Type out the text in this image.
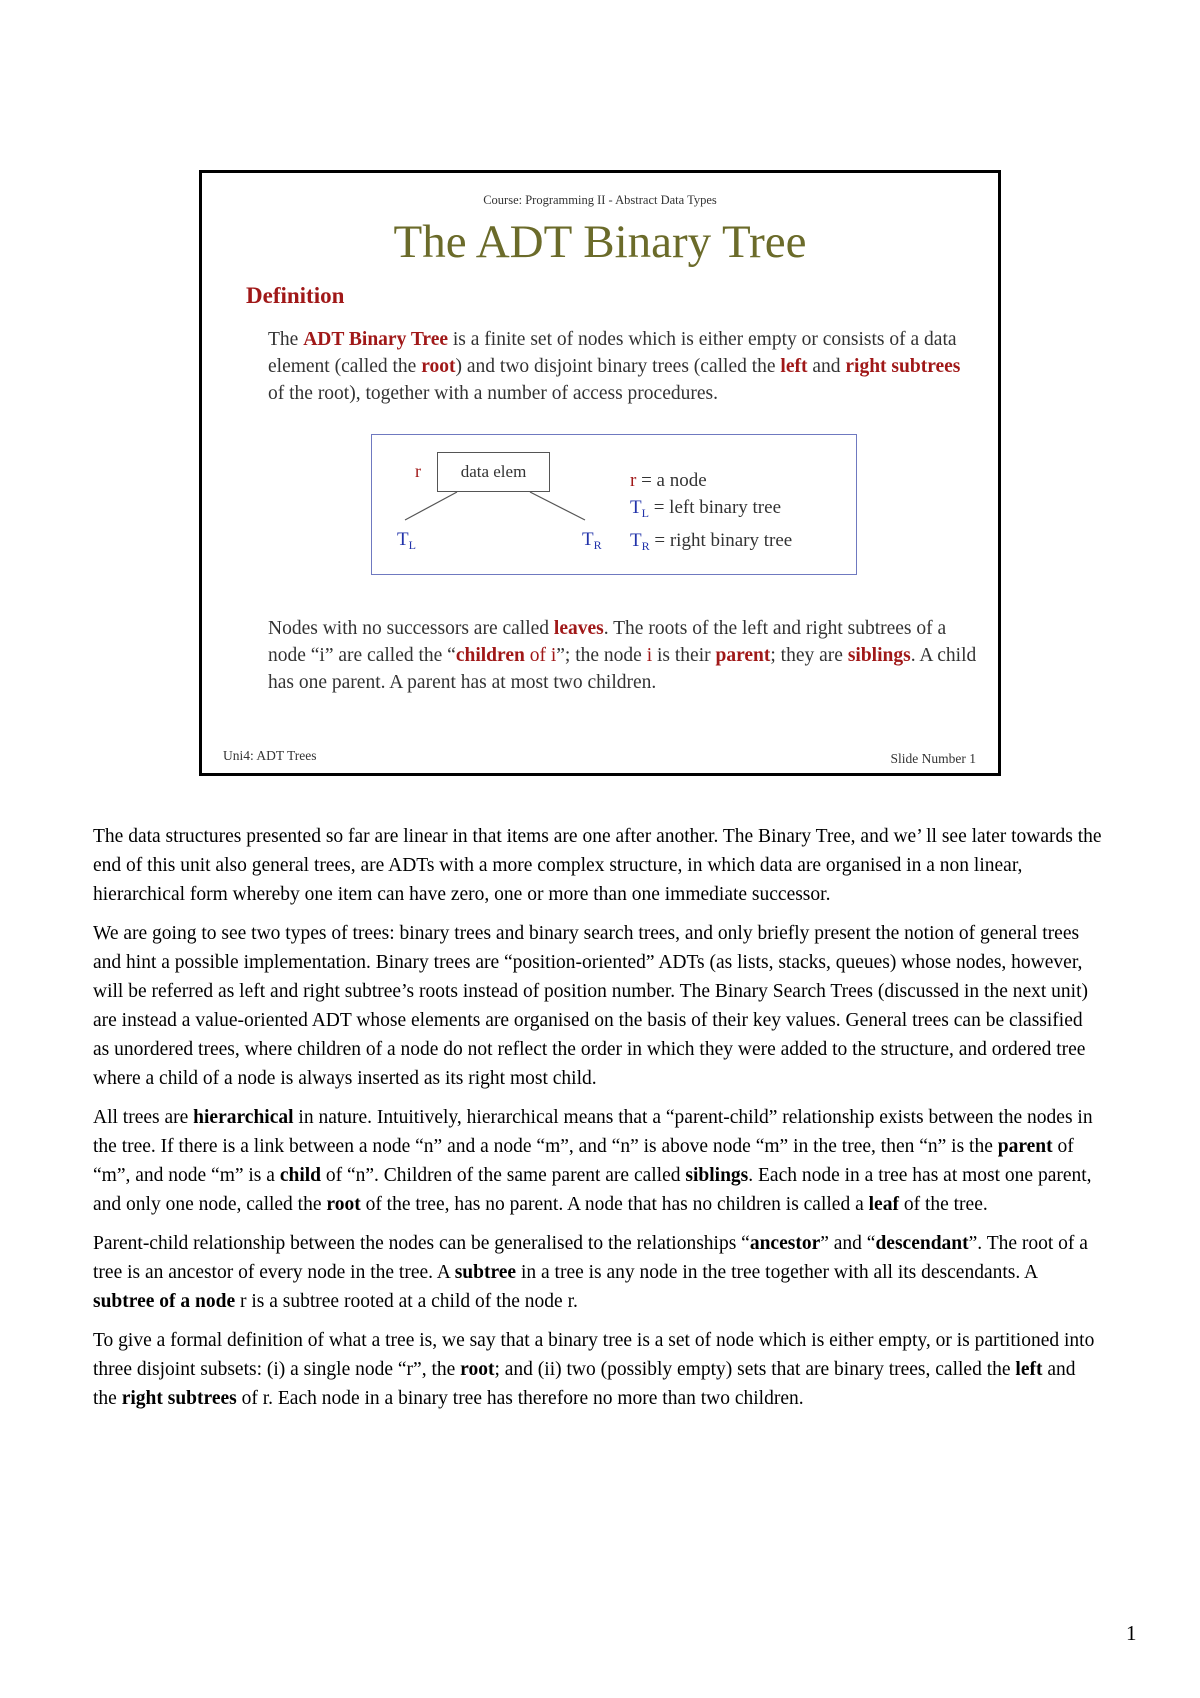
Course: Programming II - Abstract Data Types
The ADT Binary Tree
Definition
The ADT Binary Tree is a finite set of nodes which is either empty or consists of a data element (called the root) and two disjoint binary trees (called the left and right subtrees of the root), together with a number of access procedures.
r	data elem
$T_L$	$T_R$
r = a node
$T_L$ = left binary tree
$T_R$ = right binary tree
Nodes with no successors are called leaves. The roots of the left and right subtrees of a node “i” are called the “children of i”; the node i is their parent; they are siblings. A child has one parent. A parent has at most two children.
Uni4: ADT Trees	Slide Number 1

The data structures presented so far are linear in that items are one after another. The Binary Tree, and we’ ll see later towards the end of this unit also general trees, are ADTs with a more complex structure, in which data are organised in a non linear, hierarchical form whereby one item can have zero, one or more than one immediate successor.

We are going to see two types of trees: binary trees and binary search trees, and only briefly present the notion of general trees and hint a possible implementation. Binary trees are “position-oriented” ADTs (as lists, stacks, queues) whose nodes, however, will be referred as left and right subtree’s roots instead of position number. The Binary Search Trees (discussed in the next unit) are instead a value-oriented ADT whose elements are organised on the basis of their key values. General trees can be classified as unordered trees, where children of a node do not reflect the order in which they were added to the structure, and ordered tree where a child of a node is always inserted as its right most child.

All trees are hierarchical in nature. Intuitively, hierarchical means that a “parent-child” relationship exists between the nodes in the tree. If there is a link between a node “n” and a node “m”, and “n” is above node “m” in the tree, then “n” is the parent of “m”, and node “m” is a child of “n”. Children of the same parent are called siblings. Each node in a tree has at most one parent, and only one node, called the root of the tree, has no parent. A node that has no children is called a leaf of the tree.

Parent-child relationship between the nodes can be generalised to the relationships “ancestor” and “descendant”. The root of a tree is an ancestor of every node in the tree. A subtree in a tree is any node in the tree together with all its descendants. A subtree of a node r is a subtree rooted at a child of the node r.

To give a formal definition of what a tree is, we say that a binary tree is a set of node which is either empty, or is partitioned into three disjoint subsets: (i) a single node “r”, the root; and (ii) two (possibly empty) sets that are binary trees, called the left and the right subtrees of r. Each node in a binary tree has therefore no more than two children.

1
